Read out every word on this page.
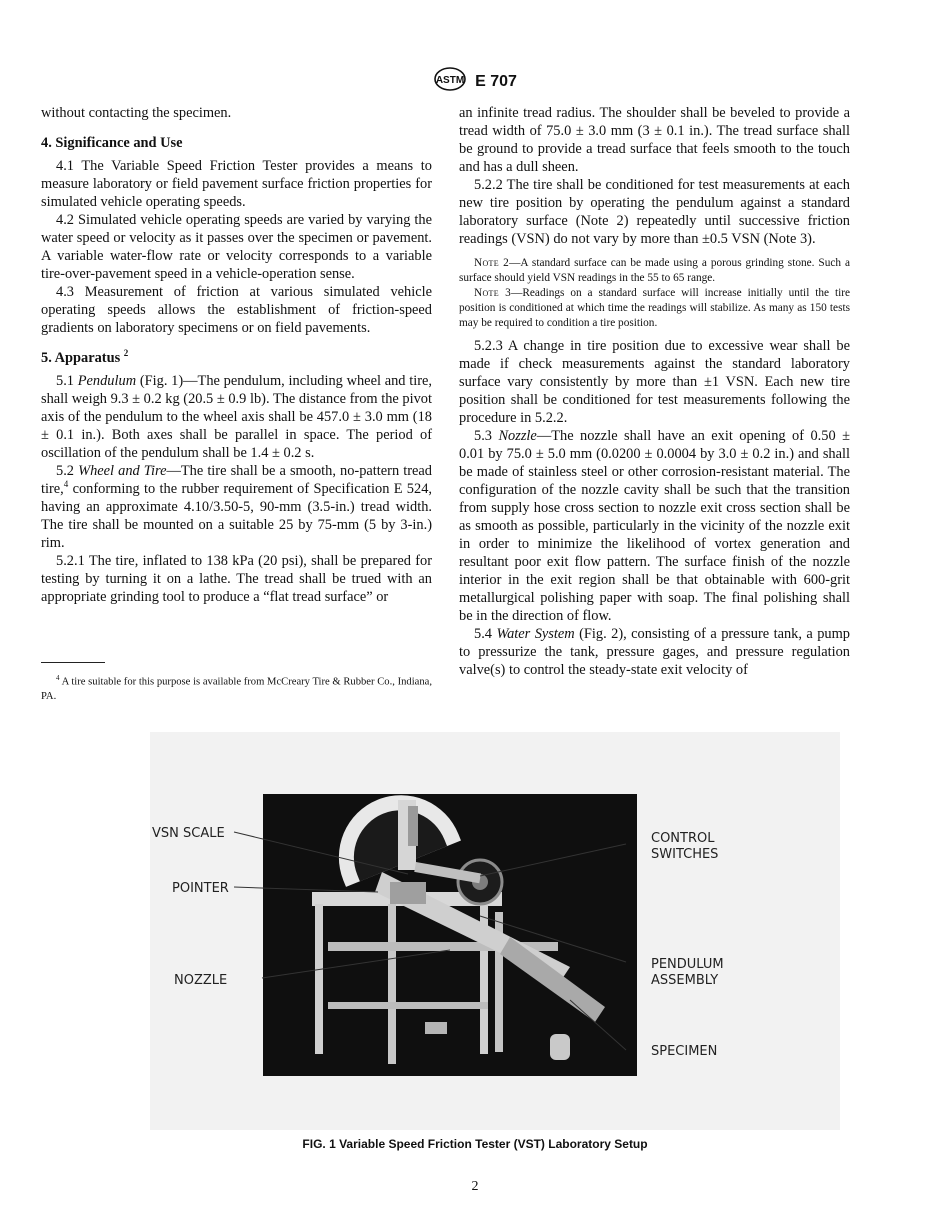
ASTM E 707

without contacting the specimen.

4. Significance and Use

4.1 The Variable Speed Friction Tester provides a means to measure laboratory or field pavement surface friction properties for simulated vehicle operating speeds.

4.2 Simulated vehicle operating speeds are varied by varying the water speed or velocity as it passes over the specimen or pavement. A variable water-flow rate or velocity corresponds to a variable tire-over-pavement speed in a vehicle-operation sense.

4.3 Measurement of friction at various simulated vehicle operating speeds allows the establishment of friction-speed gradients on laboratory specimens or on field pavements.

5. Apparatus $^2$

5.1 Pendulum (Fig. 1)—The pendulum, including wheel and tire, shall weigh 9.3 ± 0.2 kg (20.5 ± 0.9 lb). The distance from the pivot axis of the pendulum to the wheel axis shall be 457.0 ± 3.0 mm (18 ± 0.1 in.). Both axes shall be parallel in space. The period of oscillation of the pendulum shall be 1.4 ± 0.2 s.

5.2 Wheel and Tire—The tire shall be a smooth, no-pattern tread tire,$^4$ conforming to the rubber requirement of Specification E 524, having an approximate 4.10/3.50-5, 90-mm (3.5-in.) tread width. The tire shall be mounted on a suitable 25 by 75-mm (5 by 3-in.) rim.

5.2.1 The tire, inflated to 138 kPa (20 psi), shall be prepared for testing by turning it on a lathe. The tread shall be trued with an appropriate grinding tool to produce a “flat tread surface” or

$^4$ A tire suitable for this purpose is available from McCreary Tire & Rubber Co., Indiana, PA.

an infinite tread radius. The shoulder shall be beveled to provide a tread width of 75.0 ± 3.0 mm (3 ± 0.1 in.). The tread surface shall be ground to provide a tread surface that feels smooth to the touch and has a dull sheen.

5.2.2 The tire shall be conditioned for test measurements at each new tire position by operating the pendulum against a standard laboratory surface (Note 2) repeatedly until successive friction readings (VSN) do not vary by more than ±0.5 VSN (Note 3).

Note 2—A standard surface can be made using a porous grinding stone. Such a surface should yield VSN readings in the 55 to 65 range.

Note 3—Readings on a standard surface will increase initially until the tire position is conditioned at which time the readings will stabilize. As many as 150 tests may be required to condition a tire position.

5.2.3 A change in tire position due to excessive wear shall be made if check measurements against the standard laboratory surface vary consistently by more than ±1 VSN. Each new tire position shall be conditioned for test measurements following the procedure in 5.2.2.

5.3 Nozzle—The nozzle shall have an exit opening of 0.50 ± 0.01 by 75.0 ± 5.0 mm (0.0200 ± 0.0004 by 3.0 ± 0.2 in.) and shall be made of stainless steel or other corrosion-resistant material. The configuration of the nozzle cavity shall be such that the transition from supply hose cross section to nozzle exit cross section shall be as smooth as possible, particularly in the vicinity of the nozzle exit in order to minimize the likelihood of vortex generation and resultant poor exit flow pattern. The surface finish of the nozzle interior in the exit region shall be that obtainable with 600-grit metallurgical polishing paper with soap. The final polishing shall be in the direction of flow.

5.4 Water System (Fig. 2), consisting of a pressure tank, a pump to pressurize the tank, pressure gages, and pressure regulation valve(s) to control the steady-state exit velocity of

VSN SCALE
POINTER
NOZZLE
CONTROL
SWITCHES
PENDULUM
ASSEMBLY
SPECIMEN
FIG. 1 Variable Speed Friction Tester (VST) Laboratory Setup
2
